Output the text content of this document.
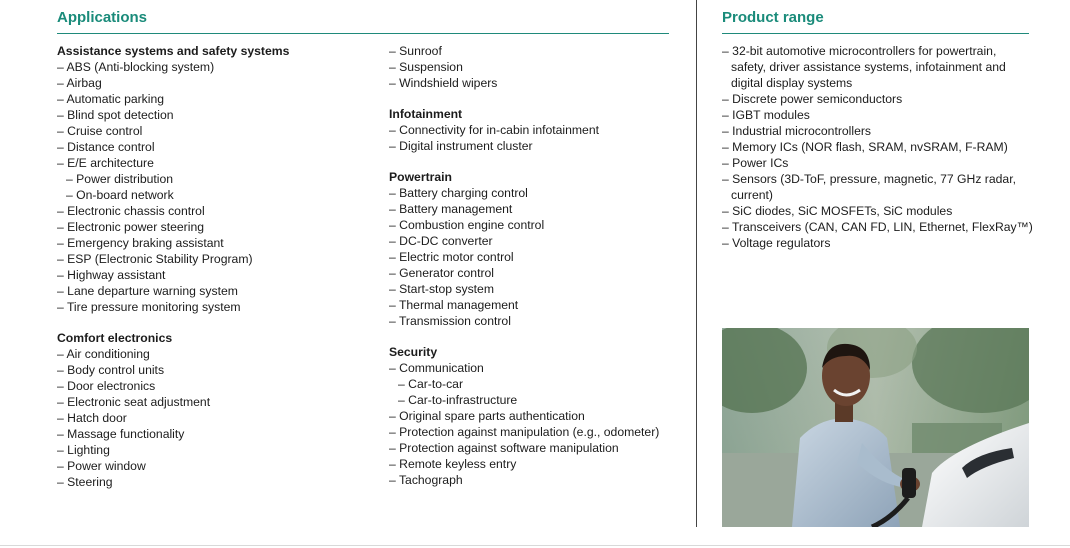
Applications
Assistance systems and safety systems
– ABS (Anti-blocking system)
– Airbag
– Automatic parking
– Blind spot detection
– Cruise control
– Distance control
– E/E architecture
– Power distribution
– On-board network
– Electronic chassis control
– Electronic power steering
– Emergency braking assistant
– ESP (Electronic Stability Program)
– Highway assistant
– Lane departure warning system
– Tire pressure monitoring system
Comfort electronics
– Air conditioning
– Body control units
– Door electronics
– Electronic seat adjustment
– Hatch door
– Massage functionality
– Lighting
– Power window
– Steering
– Sunroof
– Suspension
– Windshield wipers
Infotainment
– Connectivity for in-cabin infotainment
– Digital instrument cluster
Powertrain
– Battery charging control
– Battery management
– Combustion engine control
– DC-DC converter
– Electric motor control
– Generator control
– Start-stop system
– Thermal management
– Transmission control
Security
– Communication
– Car-to-car
– Car-to-infrastructure
– Original spare parts authentication
– Protection against manipulation (e.g., odometer)
– Protection against software manipulation
– Remote keyless entry
– Tachograph
Product range
– 32-bit automotive microcontrollers for powertrain, safety, driver assistance systems, infotainment and digital display systems
– Discrete power semiconductors
– IGBT modules
– Industrial microcontrollers
– Memory ICs (NOR flash, SRAM, nvSRAM, F-RAM)
– Power ICs
– Sensors (3D-ToF, pressure, magnetic, 77 GHz radar, current)
– SiC diodes, SiC MOSFETs, SiC modules
– Transceivers (CAN, CAN FD, LIN, Ethernet, FlexRay™)
– Voltage regulators
